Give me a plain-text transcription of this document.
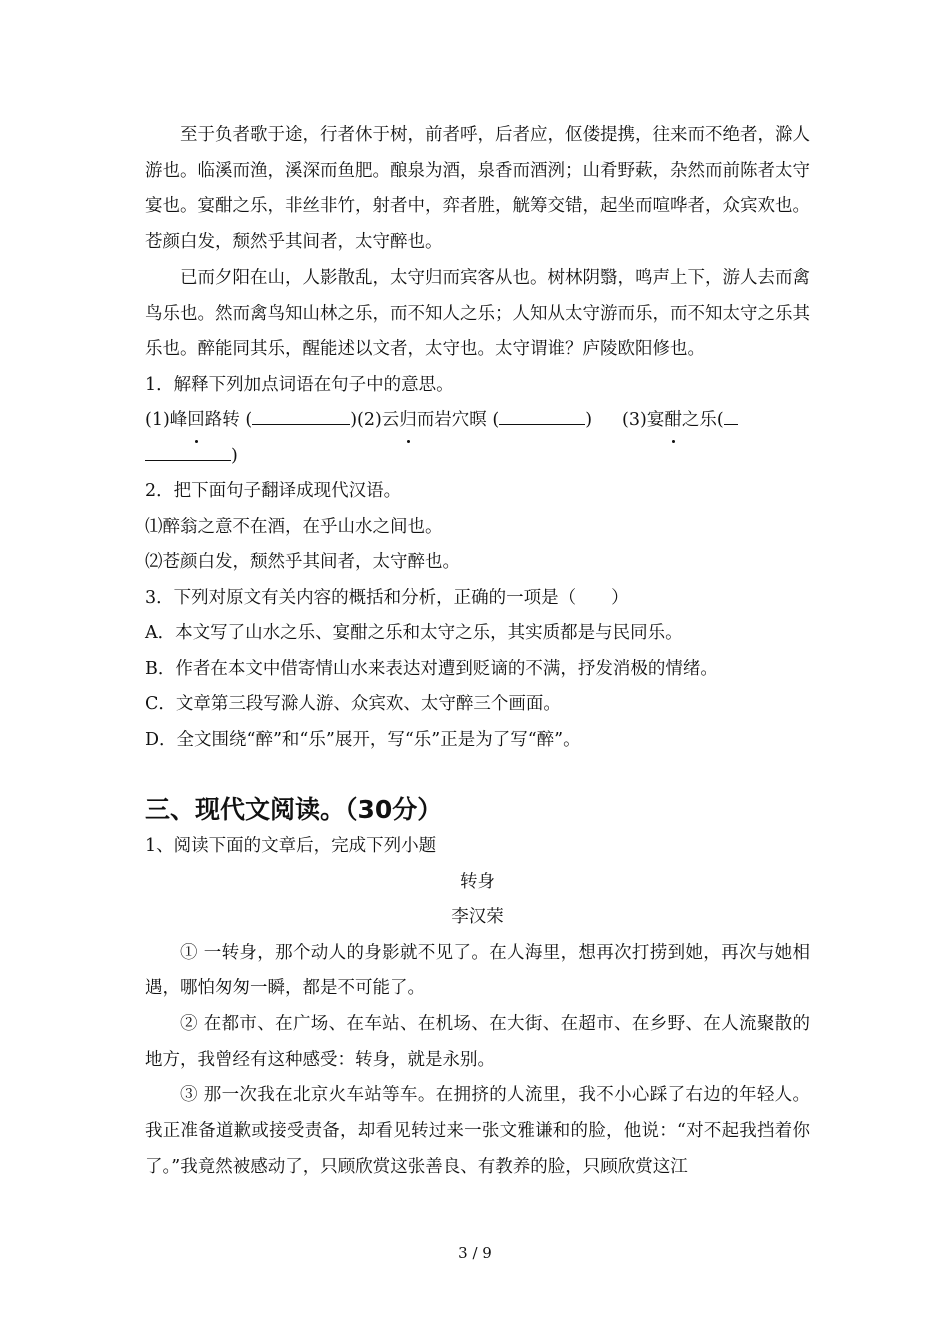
至于负者歌于途，行者休于树，前者呼，后者应，伛偻提携，往来而不绝者，滁人游也。临溪而渔，溪深而鱼肥。酿泉为酒，泉香而酒洌；山肴野蔌，杂然而前陈者太守宴也。宴酣之乐，非丝非竹，射者中，弈者胜，觥筹交错，起坐而喧哗者，众宾欢也。苍颜白发，颓然乎其间者，太守醉也。

已而夕阳在山，人影散乱，太守归而宾客从也。树林阴翳，鸣声上下，游人去而禽鸟乐也。然而禽鸟知山林之乐，而不知人之乐；人知从太守游而乐，而不知太守之乐其乐也。醉能同其乐，醒能述以文者，太守也。太守谓谁？庐陵欧阳修也。

1．解释下列加点词语在句子中的意思。

(1)峰回路转 (	)(2)云归而岩穴暝 (	) (3)宴酣之乐(

)

2．把下面句子翻译成现代汉语。

⑴醉翁之意不在酒，在乎山水之间也。

⑵苍颜白发，颓然乎其间者，太守醉也。

3．下列对原文有关内容的概括和分析，正确的一项是（　　）

A．本文写了山水之乐、宴酣之乐和太守之乐，其实质都是与民同乐。

B．作者在本文中借寄情山水来表达对遭到贬谪的不满，抒发消极的情绪。

C．文章第三段写滁人游、众宾欢、太守醉三个画面。

D．全文围绕“醉”和“乐”展开，写“乐”正是为了写“醉”。

三、现代文阅读。（30分）

1、阅读下面的文章后，完成下列小题

转身

李汉荣

① 一转身，那个动人的身影就不见了。在人海里，想再次打捞到她，再次与她相遇，哪怕匆匆一瞬，都是不可能了。

② 在都市、在广场、在车站、在机场、在大街、在超市、在乡野、在人流聚散的地方，我曾经有这种感受：转身，就是永别。

③ 那一次我在北京火车站等车。在拥挤的人流里，我不小心踩了右边的年轻人。我正准备道歉或接受责备，却看见转过来一张文雅谦和的脸，他说：“对不起我挡着你了。”我竟然被感动了，只顾欣赏这张善良、有教养的脸，只顾欣赏这江

3 / 9
